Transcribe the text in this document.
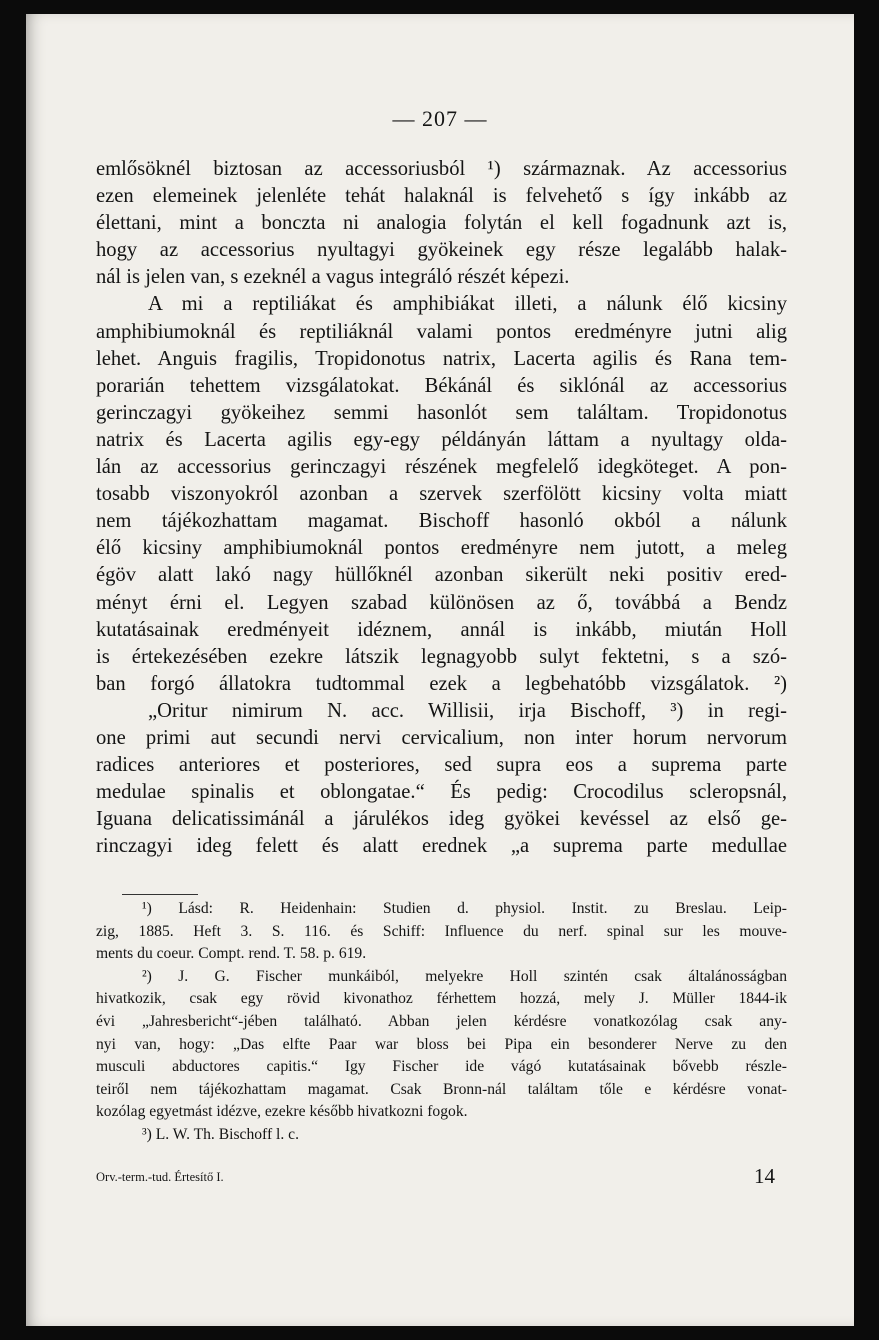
— 207 —
emlősöknél biztosan az accessoriusból ¹) származnak. Az accessorius
ezen elemeinek jelenléte tehát halaknál is felvehető s így inkább az
élettani, mint a bonczta ni analogia folytán el kell fogadnunk azt is,
hogy az accessorius nyultagyi gyökeinek egy része legalább halak-
nál is jelen van, s ezeknél a vagus integráló részét képezi.
A mi a reptiliákat és amphibiákat illeti, a nálunk élő kicsiny
amphibiumoknál és reptiliáknál valami pontos eredményre jutni alig
lehet. Anguis fragilis, Tropidonotus natrix, Lacerta agilis és Rana tem-
porarián tehettem vizsgálatokat. Békánál és siklónál az accessorius
gerinczagyi gyökeihez semmi hasonlót sem találtam. Tropidonotus
natrix és Lacerta agilis egy-egy példányán láttam a nyultagy olda-
lán az accessorius gerinczagyi részének megfelelő idegköteget. A pon-
tosabb viszonyokról azonban a szervek szerfölött kicsiny volta miatt
nem tájékozhattam magamat. Bischoff hasonló okból a nálunk
élő kicsiny amphibiumoknál pontos eredményre nem jutott, a meleg
égöv alatt lakó nagy hüllőknél azonban sikerült neki positiv ered-
ményt érni el. Legyen szabad különösen az ő, továbbá a Bendz
kutatásainak eredményeit idéznem, annál is inkább, miután Holl
is értekezésében ezekre látszik legnagyobb sulyt fektetni, s a szó-
ban forgó állatokra tudtommal ezek a legbehatóbb vizsgálatok. ²)
„Oritur nimirum N. acc. Willisii, irja Bischoff, ³) in regi-
one primi aut secundi nervi cervicalium, non inter horum nervorum
radices anteriores et posteriores, sed supra eos a suprema parte
medulae spinalis et oblongatae.“ És pedig: Crocodilus scleropsnál,
Iguana delicatissimánál a járulékos ideg gyökei kevéssel az első ge-
rinczagyi ideg felett és alatt erednek „a suprema parte medullae
¹) Lásd: R. Heidenhain: Studien d. physiol. Instit. zu Breslau. Leip-
zig, 1885. Heft 3. S. 116. és Schiff: Influence du nerf. spinal sur les mouve-
ments du coeur. Compt. rend. T. 58. p. 619.
²) J. G. Fischer munkáiból, melyekre Holl szintén csak általánosságban
hivatkozik, csak egy rövid kivonathoz férhettem hozzá, mely J. Müller 1844-ik
évi „Jahresbericht“-jében található. Abban jelen kérdésre vonatkozólag csak any-
nyi van, hogy: „Das elfte Paar war bloss bei Pipa ein besonderer Nerve zu den
musculi abductores capitis.“ Igy Fischer ide vágó kutatásainak bővebb részle-
teiről nem tájékozhattam magamat. Csak Bronn-nál találtam tőle e kérdésre vonat-
kozólag egyetmást idézve, ezekre később hivatkozni fogok.
³) L. W. Th. Bischoff l. c.
Orv.-term.-tud. Értesítő I.	14
